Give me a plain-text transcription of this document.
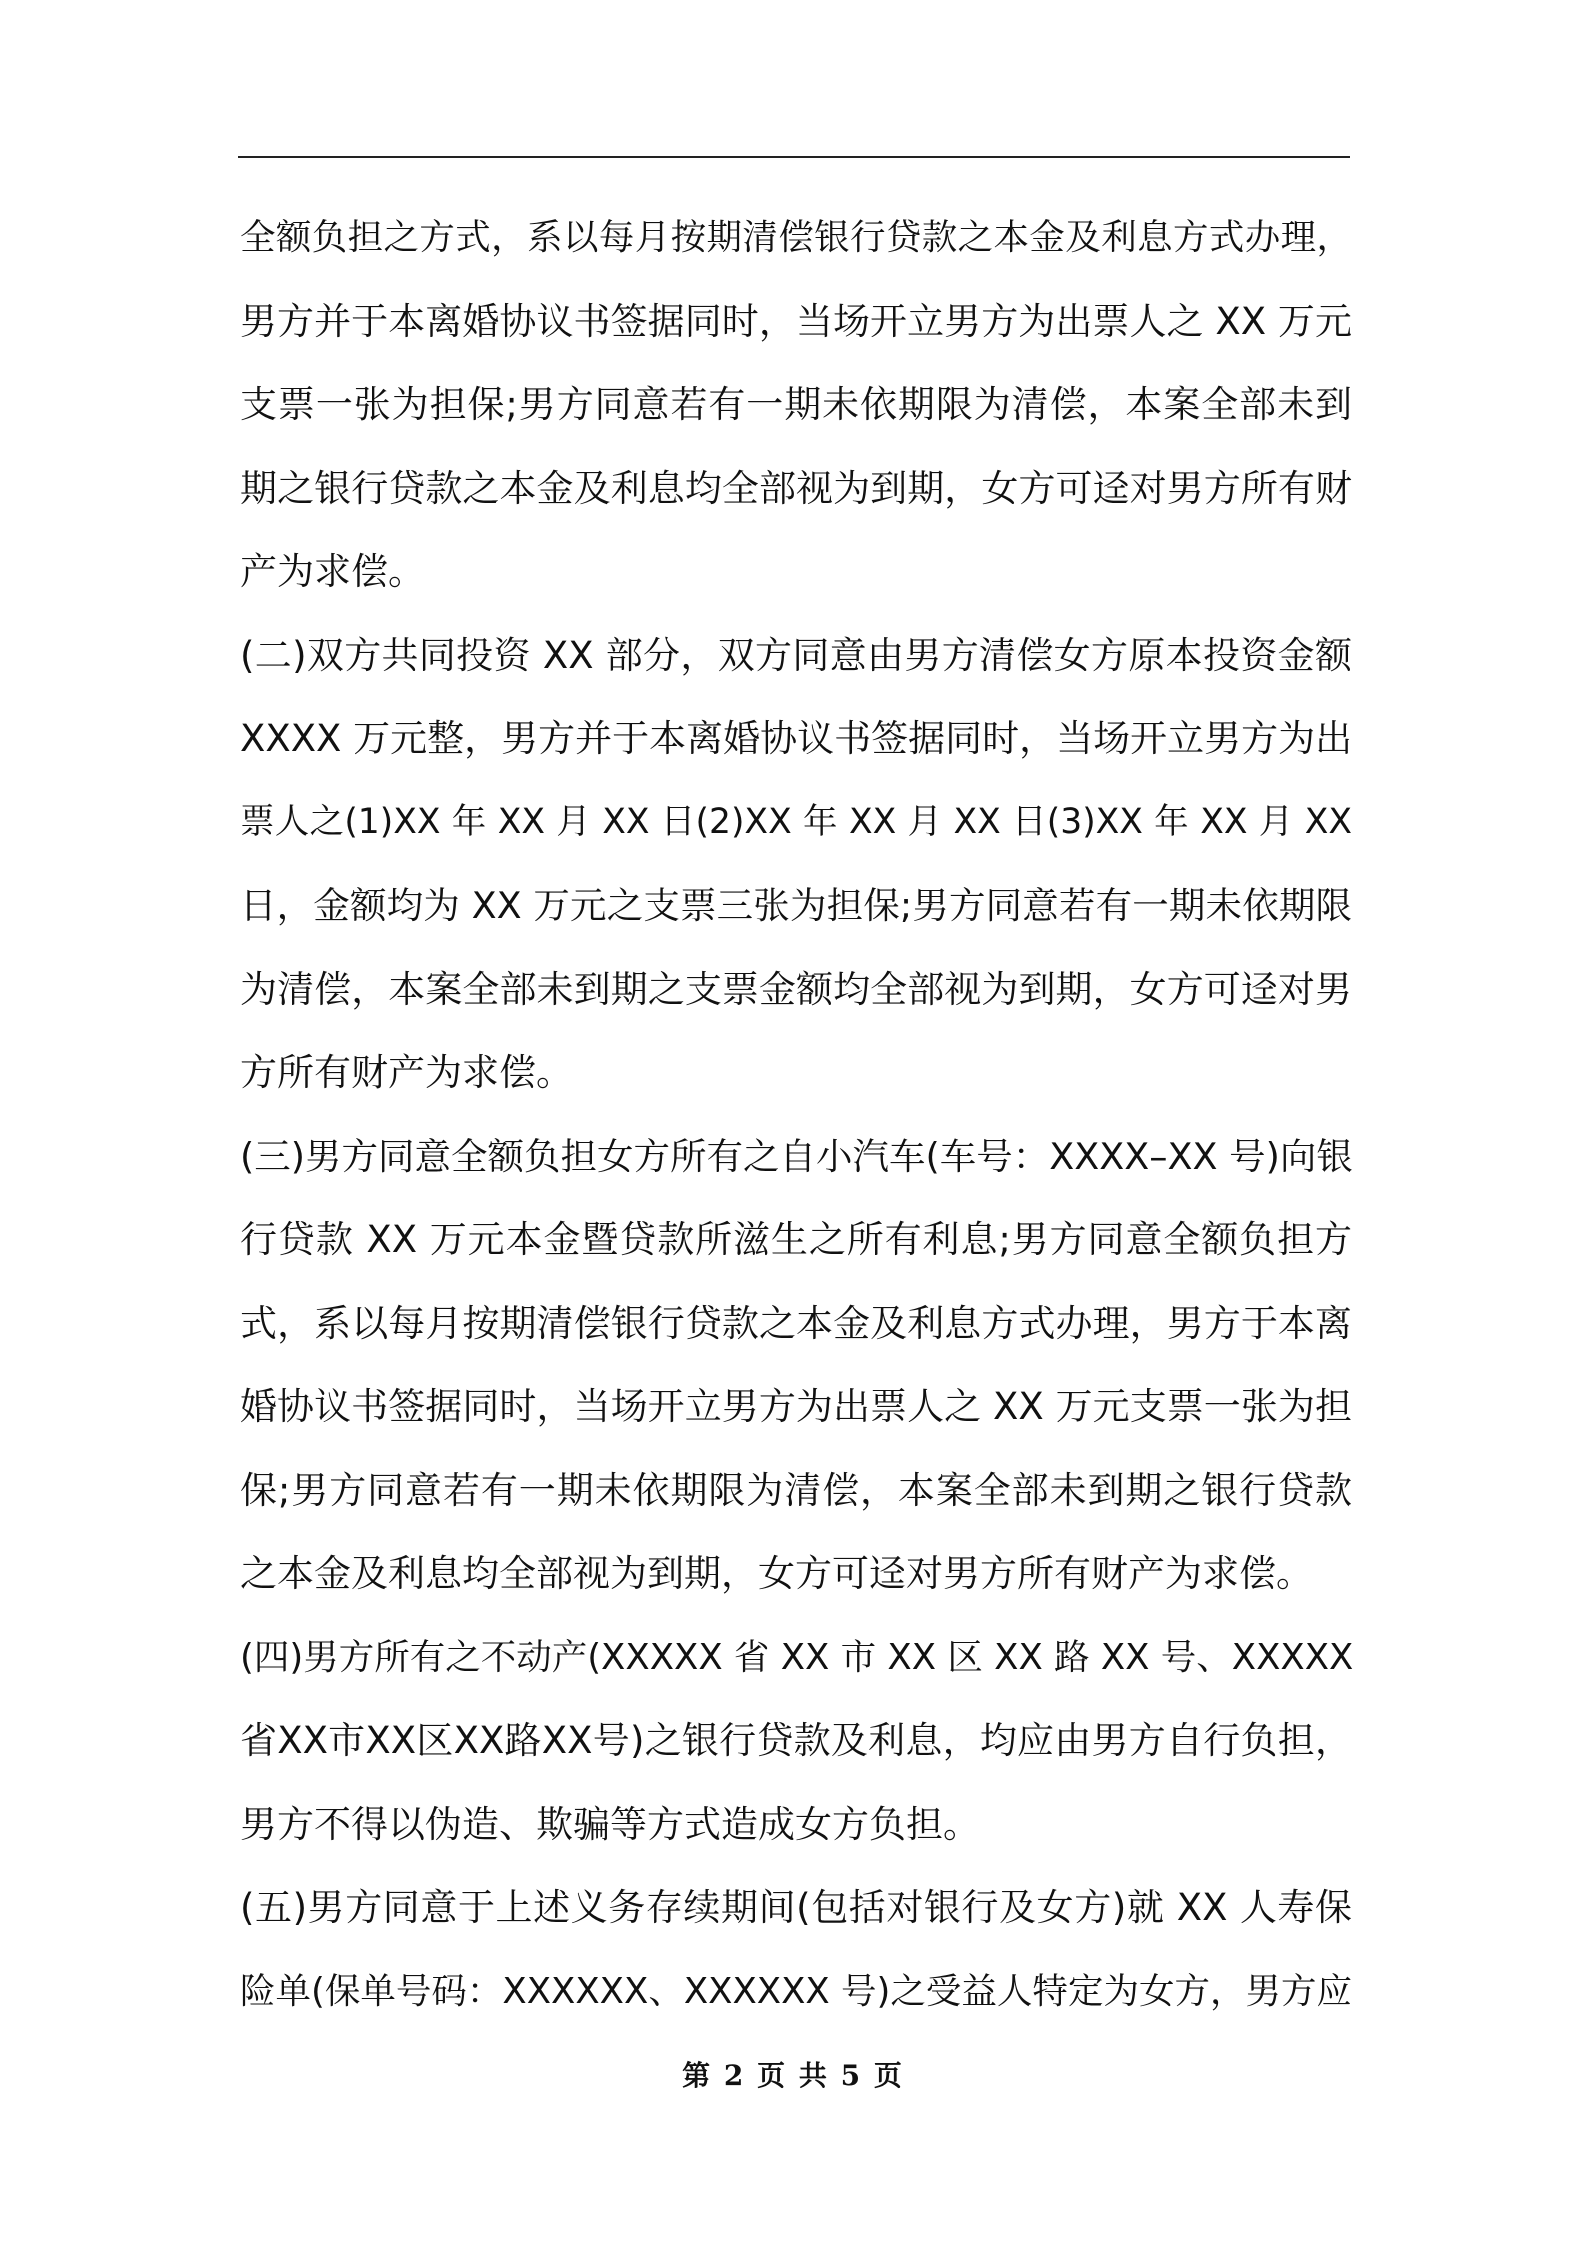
全额负担之方式，系以每月按期清偿银行贷款之本金及利息方式办理，
男方并于本离婚协议书签据同时，当场开立男方为出票人之 XX 万元
支票一张为担保;男方同意若有一期未依期限为清偿，本案全部未到
期之银行贷款之本金及利息均全部视为到期，女方可迳对男方所有财
产为求偿。
(二)双方共同投资 XX 部分，双方同意由男方清偿女方原本投资金额
XXXX 万元整，男方并于本离婚协议书签据同时，当场开立男方为出
票人之(1)XX 年 XX 月 XX 日(2)XX 年 XX 月 XX 日(3)XX 年 XX 月 XX
日，金额均为 XX 万元之支票三张为担保;男方同意若有一期未依期限
为清偿，本案全部未到期之支票金额均全部视为到期，女方可迳对男
方所有财产为求偿。
(三)男方同意全额负担女方所有之自小汽车(车号：XXXX–XX 号)向银
行贷款 XX 万元本金暨贷款所滋生之所有利息;男方同意全额负担方
式，系以每月按期清偿银行贷款之本金及利息方式办理，男方于本离
婚协议书签据同时，当场开立男方为出票人之 XX 万元支票一张为担
保;男方同意若有一期未依期限为清偿，本案全部未到期之银行贷款
之本金及利息均全部视为到期，女方可迳对男方所有财产为求偿。
(四)男方所有之不动产(XXXXX 省 XX 市 XX 区 XX 路 XX 号、XXXXX
省XX市XX区XX路XX号)之银行贷款及利息，均应由男方自行负担，
男方不得以伪造、欺骗等方式造成女方负担。
(五)男方同意于上述义务存续期间(包括对银行及女方)就 XX 人寿保
险单(保单号码：XXXXXX、XXXXXX 号)之受益人特定为女方，男方应
第 2 页 共 5 页
